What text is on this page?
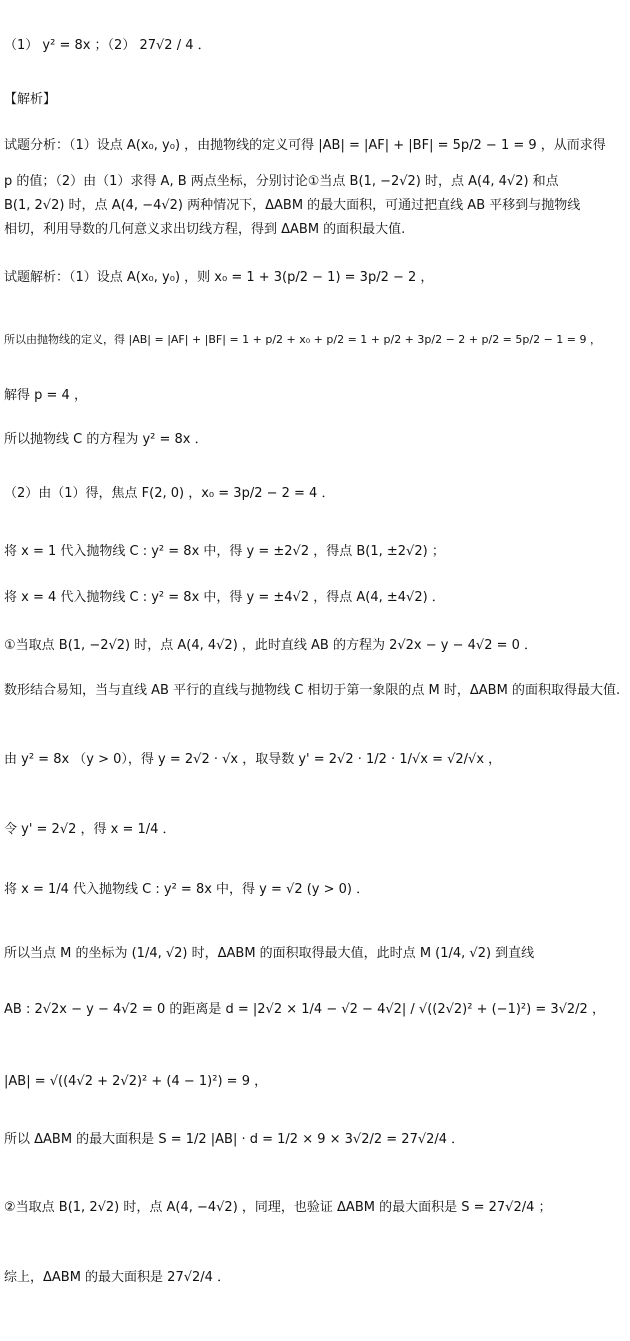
（1） y² = 8x ；（2） 27√2 / 4 ．
【解析】
试题分析：（1）设点 A(x₀, y₀) ，由抛物线的定义可得 |AB| = |AF| + |BF| = 5p/2 − 1 = 9 ，从而求得
p 的值；（2）由（1）求得 A, B 两点坐标，分别讨论①当点 B(1, −2√2) 时，点 A(4, 4√2) 和点
B(1, 2√2) 时，点 A(4, −4√2) 两种情况下，ΔABM 的最大面积，可通过把直线 AB 平移到与抛物线
相切，利用导数的几何意义求出切线方程，得到 ΔABM 的面积最大值.
试题解析：（1）设点 A(x₀, y₀) ，则 x₀ = 1 + 3(p/2 − 1) = 3p/2 − 2 ，
所以由抛物线的定义，得 |AB| = |AF| + |BF| = 1 + p/2 + x₀ + p/2 = 1 + p/2 + 3p/2 − 2 + p/2 = 5p/2 − 1 = 9 ，
解得 p = 4 ，
所以抛物线 C 的方程为 y² = 8x ．
（2）由（1）得，焦点 F(2, 0) ，x₀ = 3p/2 − 2 = 4 ．
将 x = 1 代入抛物线 C : y² = 8x 中，得 y = ±2√2 ，得点 B(1, ±2√2) ；
将 x = 4 代入抛物线 C : y² = 8x 中，得 y = ±4√2 ，得点 A(4, ±4√2) ．
①当取点 B(1, −2√2) 时，点 A(4, 4√2) ，此时直线 AB 的方程为 2√2x − y − 4√2 = 0 ．
数形结合易知，当与直线 AB 平行的直线与抛物线 C 相切于第一象限的点 M 时，ΔABM 的面积取得最大值.
由 y² = 8x （y > 0），得 y = 2√2 · √x ，取导数 y' = 2√2 · 1/2 · 1/√x = √2/√x ，
令 y' = 2√2 ，得 x = 1/4 ．
将 x = 1/4 代入抛物线 C : y² = 8x 中，得 y = √2 (y > 0) ．
所以当点 M 的坐标为 (1/4, √2) 时，ΔABM 的面积取得最大值，此时点 M (1/4, √2) 到直线
AB : 2√2x − y − 4√2 = 0 的距离是 d = |2√2 × 1/4 − √2 − 4√2| / √((2√2)² + (−1)²) = 3√2/2 ，
|AB| = √((4√2 + 2√2)² + (4 − 1)²) = 9 ，
所以 ΔABM 的最大面积是 S = 1/2 |AB| · d = 1/2 × 9 × 3√2/2 = 27√2/4 ．
②当取点 B(1, 2√2) 时，点 A(4, −4√2) ，同理，也验证 ΔABM 的最大面积是 S = 27√2/4 ；
综上，ΔABM 的最大面积是 27√2/4 ．
